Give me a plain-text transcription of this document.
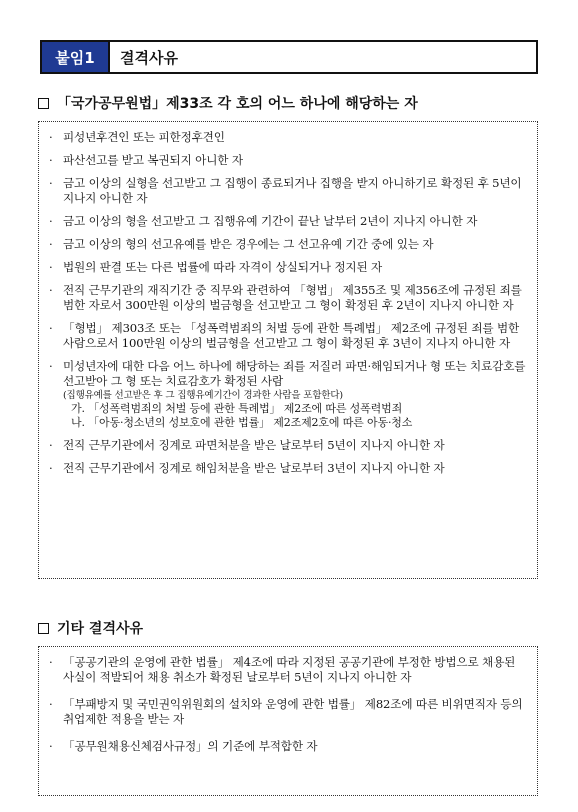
붙임1	결격사유
「국가공무원법」제33조 각 호의 어느 하나에 해당하는 자
· 피성년후견인 또는 피한정후견인
· 파산선고를 받고 복권되지 아니한 자
· 금고 이상의 실형을 선고받고 그 집행이 종료되거나 집행을 받지 아니하기로 확정된 후 5년이 지나지 아니한 자
· 금고 이상의 형을 선고받고 그 집행유예 기간이 끝난 날부터 2년이 지나지 아니한 자
· 금고 이상의 형의 선고유예를 받은 경우에는 그 선고유예 기간 중에 있는 자
· 법원의 판결 또는 다른 법률에 따라 자격이 상실되거나 정지된 자
· 전직 근무기관의 재직기간 중 직무와 관련하여 「형법」 제355조 및 제356조에 규정된 죄를 범한 자로서 300만원 이상의 벌금형을 선고받고 그 형이 확정된 후 2년이 지나지 아니한 자
· 「형법」 제303조 또는 「성폭력범죄의 처벌 등에 관한 특례법」 제2조에 규정된 죄를 범한 사람으로서 100만원 이상의 벌금형을 선고받고 그 형이 확정된 후 3년이 지나지 아니한 자
· 미성년자에 대한 다음 어느 하나에 해당하는 죄를 저질러 파면·해임되거나 형 또는 치료감호를 선고받아 그 형 또는 치료감호가 확정된 사람
(집행유예를 선고받은 후 그 집행유예기간이 경과한 사람을 포함한다)
가. 「성폭력범죄의 처벌 등에 관한 특례법」 제2조에 따른 성폭력범죄
나. 「아동·청소년의 성보호에 관한 법률」 제2조제2호에 따른 아동·청소
· 전직 근무기관에서 징계로 파면처분을 받은 날로부터 5년이 지나지 아니한 자
· 전직 근무기관에서 징계로 해임처분을 받은 날로부터 3년이 지나지 아니한 자
기타 결격사유
· 「공공기관의 운영에 관한 법률」 제4조에 따라 지정된 공공기관에 부정한 방법으로 채용된 사실이 적발되어 채용 취소가 확정된 날로부터 5년이 지나지 아니한 자
· 「부패방지 및 국민권익위원회의 설치와 운영에 관한 법률」 제82조에 따른 비위면직자 등의 취업제한 적용을 받는 자
· 「공무원채용신체검사규정」의 기준에 부적합한 자
